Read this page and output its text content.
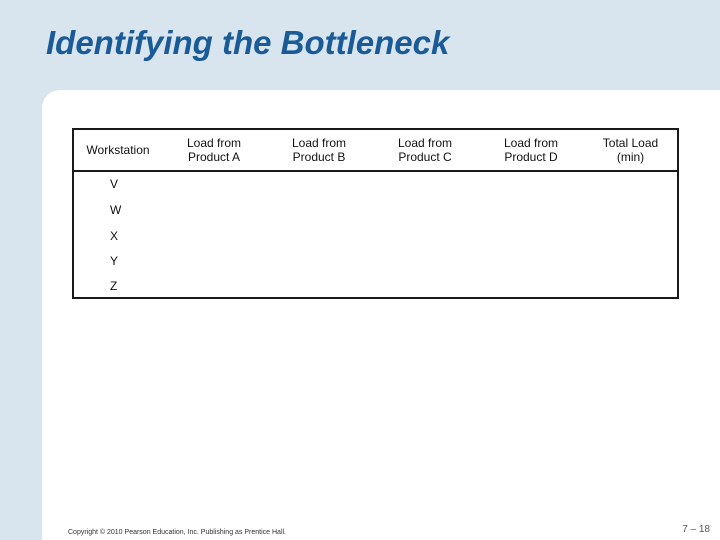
Identifying the Bottleneck
Workstation	Load from
Product A
Load from
Product B
Load from
Product C
Load from
Product D
Total Load
(min)
V
W
X
Y
Z
Copyright © 2010 Pearson Education, Inc. Publishing as Prentice Hall.	7 – 18
